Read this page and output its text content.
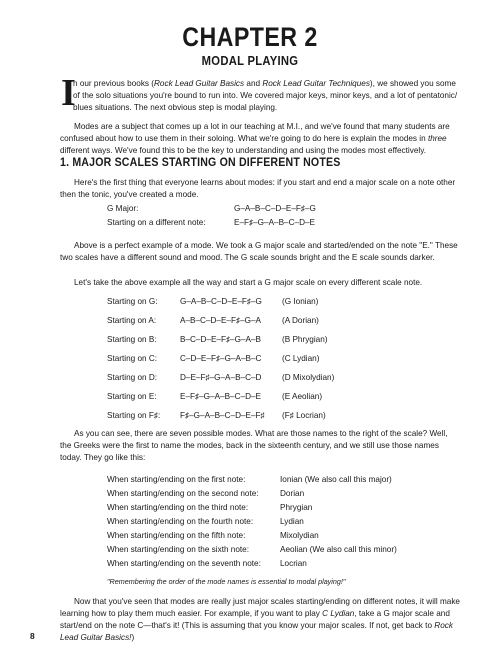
CHAPTER 2
MODAL PLAYING
I
n our previous books (Rock Lead Guitar Basics and Rock Lead Guitar Techniques), we showed you some
of the solo situations you're bound to run into. We covered major keys, minor keys, and a lot of pentatonic/
blues situations. The next obvious step is modal playing.
Modes are a subject that comes up a lot in our teaching at M.I., and we've found that many students are confused about how to use them in their soloing. What we're going to do here is explain the modes in three different ways. We've found this to be the key to understanding and using the modes most effectively.
1. MAJOR SCALES STARTING ON DIFFERENT NOTES
Here's the first thing that everyone learns about modes: if you start and end a major scale on a note other then the tonic, you've created a mode.
G Major:	G–A–B–C–D–E–F♯–G
Starting on a different note:	E–F♯–G–A–B–C–D–E
Above is a perfect example of a mode. We took a G major scale and started/ended on the note "E." These two scales have a different sound and mood. The G scale sounds bright and the E scale sounds darker.
Let's take the above example all the way and start a G major scale on every different scale note.
Starting on G:	G–A–B–C–D–E–F♯–G (G Ionian)
Starting on A:	A–B–C–D–E–F♯–G–A	(A Dorian)
Starting on B:	B–C–D–E–F♯–G–A–B	(B Phrygian)
Starting on C:	C–D–E–F♯–G–A–B–C	(C Lydian)
Starting on D:	D–E–F♯–G–A–B–C–D	(D Mixolydian)
Starting on E:	E–F♯–G–A–B–C–D–E	(E Aeolian)
Starting on F♯: F♯–G–A–B–C–D–E–F♯ (F♯ Locrian)
As you can see, there are seven possible modes. What are those names to the right of the scale? Well, the Greeks were the first to name the modes, back in the sixteenth century, and we still use those names today. They go like this:
When starting/ending on the first note:	Ionian (We also call this major)
When starting/ending on the second note:	Dorian
When starting/ending on the third note:	Phrygian
When starting/ending on the fourth note:	Lydian
When starting/ending on the fifth note:	Mixolydian
When starting/ending on the sixth note:	Aeolian (We also call this minor)
When starting/ending on the seventh note: Locrian
"Remembering the order of the mode names is essential to modal playing!"
Now that you've seen that modes are really just major scales starting/ending on different notes, it will make learning how to play them much easier. For example, if you want to play C Lydian, take a G major scale and start/end on the note C—that's it! (This is assuming that you know your major scales. If not, get back to Rock Lead Guitar Basics!)
8
